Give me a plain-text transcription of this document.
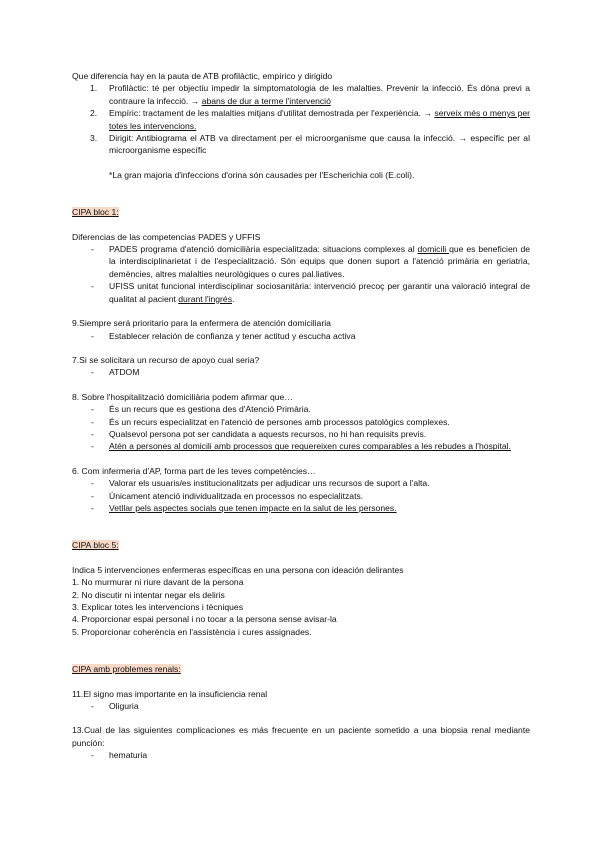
Que diferencia hay en la pauta de ATB profilàctic, empírico y dirigido

1. Profilàctic: té per objectiu impedir la simptomatologia de les malalties. Prevenir la infecció. És dóna previ a contraure la infecció. → abans de dur a terme l'intervenció
2. Empíric: tractament de les malalties mitjans d'utilitat demostrada per l'experiència. → serveix més o menys per totes les intervencions.
3. Dirigit: Antibiograma el ATB va directament per el microorganisme que causa la infecció. → específic per al microorganisme específic

*La gran majoria d'infeccions d'orina són causades per l'Escherichia coli (E.coli).

CIPA bloc 1:

Diferencias de las competencias PADES y UFFIS

- PADES programa d'atenció domiciliària especialitzada: situacions complexes al domicili que es beneficien de la interdisciplinarietat i de l'especialització. Són equips que donen suport a l'atenció primària en geriatria, demències, altres malalties neurològiques o cures pal.liatives.
- UFISS unitat funcional interdisciplinar sociosanitària: intervenció precoç per garantir una valoració integral de qualitat al pacient durant l'ingrés.

9.Siempre será prioritario para la enfermera de atención domiciliaria

- Establecer relación de confianza y tener actitud y escucha activa

7.Si se solicitara un recurso de apoyo cual seria?

- ATDOM

8. Sobre l'hospitalització domiciliària podem afirmar que…

- És un recurs que es gestiona des d'Atenció Primària.
- És un recurs especialitzat en l'atenció de persones amb processos patològics complexes.
- Qualsevol persona pot ser candidata a aquests recursos, no hi han requisits previs.
- Atén a persones al domicili amb processos que requereixen cures comparables a les rebudes a l'hospital.

6. Com infermeria d'AP, forma part de les teves competències…

- Valorar els usuaris/es institucionalitzats per adjudicar uns recursos de suport a l'alta.
- Únicament atenció individualitzada en processos no especialitzats.
- Vetllar pels aspectes socials que tenen impacte en la salut de les persones.

CIPA bloc 5:

Indica 5 intervenciones enfermeras específicas en una persona con ideación delirantes

1. No murmurar ni riure davant de la persona

2. No discutir ni intentar negar els deliris

3. Explicar totes les intervencions i tècniques

4. Proporcionar espai personal i no tocar a la persona sense avisar-la

5. Proporcionar coherència en l'assistència i cures assignades.

CIPA amb problemes renals:

11.El signo mas importante en la insuficiencia renal

- Oliguria

13.Cual de las siguientes complicaciones es más frecuente en un paciente sometido a una biopsia renal mediante punción:

- hematuria
